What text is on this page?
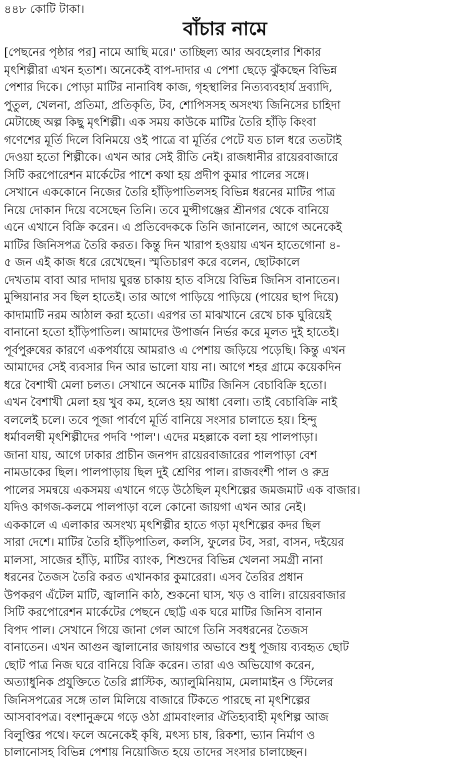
৪৪৮ কোটি টাকা।
বাঁচার নামে
[পেছনের পৃষ্ঠার পর] নামে আছি মরে।' তাচ্ছিল্য আর অবহেলার শিকার
মৃৎশিল্পীরা এখন হতাশ। অনেকেই বাপ-দাদার এ পেশা ছেড়ে ঝুঁকছেন বিভিন্ন
পেশার দিকে। পোড়া মাটির নানাবিধ কাজ, গৃহস্থালির নিত্যব্যবহার্য দ্রব্যাদি,
পুতুল, খেলনা, প্রতিমা, প্রতিকৃতি, টব, শোপিসসহ অসংখ্য জিনিসের চাহিদা
মেটাচ্ছে অল্প কিছু মৃৎশিল্পী। এক সময় কাউকে মাটির তৈরি হাঁড়ি কিংবা
গণেশের মূর্তি দিলে বিনিময়ে ওই পাত্রে বা মূর্তির পেটে যত চাল ধরে ততটাই
দেওয়া হতো শিল্পীকে। এখন আর সেই রীতি নেই। রাজধানীর রায়েরবাজারে
সিটি করপোরেশন মার্কেটের পাশে কথা হয় প্রদীপ কুমার পালের সঙ্গে।
সেখানে এককোনে নিজের তৈরি হাঁড়িপাতিলসহ বিভিন্ন ধরনের মাটির পাত্র
নিয়ে দোকান দিয়ে বসেছেন তিনি। তবে মুন্সীগঞ্জের শ্রীনগর থেকে বানিয়ে
এনে এখানে বিক্রি করেন। এ প্রতিবেদককে তিনি জানালেন, আগে অনেকেই
মাটির জিনিসপত্র তৈরি করত। কিন্তু দিন খারাপ হওয়ায় এখন হাতেগোনা ৪-
৫ জন এই কাজ ধরে রেখেছেন। স্মৃতিচারণ করে বলেন, ছোটকালে
দেখতাম বাবা আর দাদায় ঘুরন্ত চাকায় হাত বসিয়ে বিভিন্ন জিনিস বানাতেন।
মুন্সিয়ানার সব ছিল হাতেই। তার আগে পাড়িয়ে পাড়িয়ে (পায়ের ছাপ দিয়ে)
কাদামাটি নরম আঠাল করা হতো। এরপর তা মাঝখানে রেখে চাক ঘুরিয়েই
বানানো হতো হাঁড়িপাতিল। আমাদের উপার্জন নির্ভর করে মূলত দুই হাতেই।
পূর্বপুরুষের কারণে একপর্যায়ে আমরাও এ পেশায় জড়িয়ে পড়েছি। কিন্তু এখন
আমাদের সেই ব্যবসার দিন আর ভালো যায় না। আগে শহর গ্রামে কয়েকদিন
ধরে বৈশাখী মেলা চলত। সেখানে অনেক মাটির জিনিস বেচাবিক্রি হতো।
এখন বৈশাখী মেলা হয় খুব কম, হলেও হয় আধা বেলা। তাই বেচাবিক্রি নাই
বললেই চলে। তবে পূজা পার্বণে মূর্তি বানিয়ে সংসার চালাতে হয়। হিন্দু
ধর্মাবলম্বী মৃৎশিল্পীদের পদবি 'পাল'। এদের মহল্লাকে বলা হয় পালপাড়া।
জানা যায়, আগে ঢাকার প্রাচীন জনপদ রায়েরবাজারের পালপাড়া বেশ
নামডাকের ছিল। পালপাড়ায় ছিল দুই শ্রেণির পাল। রাজবংশী পাল ও রুদ্র
পালের সমন্বয়ে একসময় এখানে গড়ে উঠেছিল মৃৎশিল্পের জমজমাট এক বাজার।
যদিও কাগজ-কলমে পালপাড়া বলে কোনো জায়গা এখন আর নেই।
এককালে এ এলাকার অসংখ্য মৃৎশিল্পীর হাতে গড়া মৃৎশিল্পের কদর ছিল
সারা দেশে। মাটির তৈরি হাঁড়িপাতিল, কলসি, ফুলের টব, সরা, বাসন, দইয়ের
মালসা, সাজের হাঁড়ি, মাটির ব্যাংক, শিশুদের বিভিন্ন খেলনা সমগ্রী নানা
ধরনের তৈজস তৈরি করত এখানকার কুমারেরা। এসব তৈরির প্রধান
উপকরণ এঁটেল মাটি, জ্বালানি কাঠ, শুকনো ঘাস, খড় ও বালি। রায়েরবাজার
সিটি করপোরেশন মার্কেটের পেছনে ছোট্ট এক ঘরে মাটির জিনিস বানান
বিপদ পাল। সেখানে গিয়ে জানা গেল আগে তিনি সবধরনের তৈজস
বানাতেন। এখন আগুন জ্বালানোর জায়গার অভাবে শুধু পূজায় ব্যবহৃত ছোট
ছোট পাত্র নিজ ঘরে বানিয়ে বিক্রি করেন। তারা এও অভিযোগ করেন,
অত্যাধুনিক প্রযুক্তিতে তৈরি প্লাস্টিক, অ্যালুমিনিয়াম, মেলামাইন ও স্টিলের
জিনিসপত্রের সঙ্গে তাল মিলিয়ে বাজারে টিকতে পারছে না মৃৎশিল্পের
আসবাবপত্র। বংশানুক্রমে গড়ে ওঠা গ্রামবাংলার ঐতিহ্যবাহী মৃৎশিল্প আজ
বিলুপ্তির পথে। ফলে অনেকেই কৃষি, মৎস্য চাষ, রিকশা, ভ্যান নির্মাণ ও
চালানোসহ বিভিন্ন পেশায় নিয়োজিত হয়ে তাদের সংসার চালাচ্ছেন।
